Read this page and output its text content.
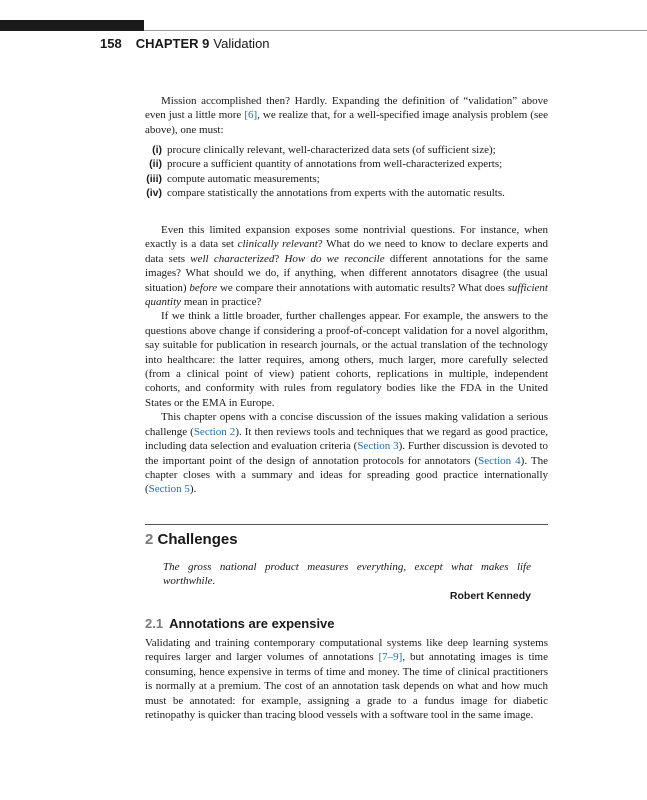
158 CHAPTER 9 Validation

Mission accomplished then? Hardly. Expanding the definition of “validation” above even just a little more [6], we realize that, for a well-specified image analysis problem (see above), one must:

(i) procure clinically relevant, well-characterized data sets (of sufficient size);
(ii) procure a sufficient quantity of annotations from well-characterized experts;
(iii) compute automatic measurements;
(iv) compare statistically the annotations from experts with the automatic results.

Even this limited expansion exposes some nontrivial questions. For instance, when exactly is a data set clinically relevant? What do we need to know to declare experts and data sets well characterized? How do we reconcile different annotations for the same images? What should we do, if anything, when different annotators disagree (the usual situation) before we compare their annotations with automatic results? What does sufficient quantity mean in practice?

If we think a little broader, further challenges appear. For example, the answers to the questions above change if considering a proof-of-concept validation for a novel algorithm, say suitable for publication in research journals, or the actual translation of the technology into healthcare: the latter requires, among others, much larger, more carefully selected (from a clinical point of view) patient cohorts, replications in multiple, independent cohorts, and conformity with rules from regulatory bodies like the FDA in the United States or the EMA in Europe.

This chapter opens with a concise discussion of the issues making validation a serious challenge (Section 2). It then reviews tools and techniques that we regard as good practice, including data selection and evaluation criteria (Section 3). Further discussion is devoted to the important point of the design of annotation protocols for annotators (Section 4). The chapter closes with a summary and ideas for spreading good practice internationally (Section 5).

2 Challenges
The gross national product measures everything, except what makes life worthwhile.
Robert Kennedy
2.1 Annotations are expensive

Validating and training contemporary computational systems like deep learning systems requires larger and larger volumes of annotations [7–9], but annotating images is time consuming, hence expensive in terms of time and money. The time of clinical practitioners is normally at a premium. The cost of an annotation task depends on what and how much must be annotated: for example, assigning a grade to a fundus image for diabetic retinopathy is quicker than tracing blood vessels with a software tool in the same image.
